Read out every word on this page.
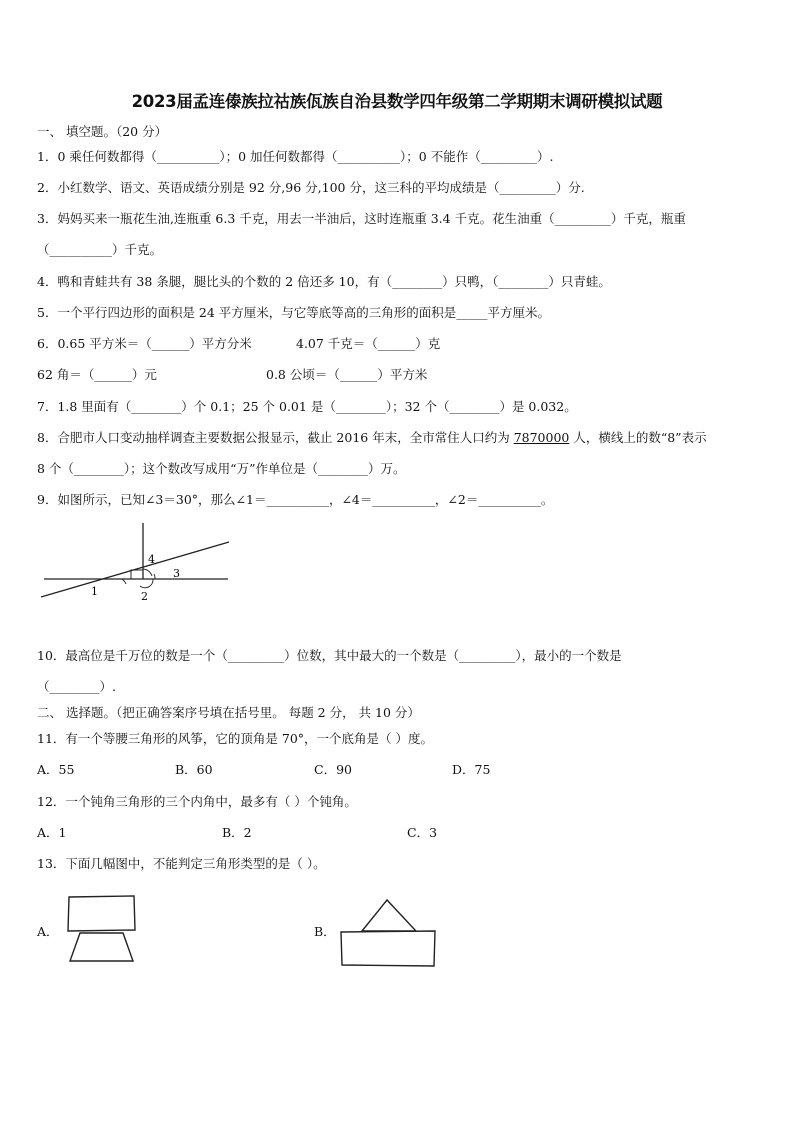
2023届孟连傣族拉祜族佤族自治县数学四年级第二学期期末调研模拟试题
一、 填空题。（20 分）
1．0 乘任何数都得（__________）；0 加任何数都得（__________）；0 不能作（_________）.
2．小红数学、语文、英语成绩分别是 92 分,96 分,100 分，这三科的平均成绩是（_________）分.
3．妈妈买来一瓶花生油,连瓶重 6.3 千克，用去一半油后，这时连瓶重 3.4 千克。花生油重（_________）千克，瓶重
（__________）千克。
4．鸭和青蛙共有 38 条腿，腿比头的个数的 2 倍还多 10，有（________）只鸭，（________）只青蛙。
5．一个平行四边形的面积是 24 平方厘米，与它等底等高的三角形的面积是_____平方厘米。
6．0.65 平方米＝（______）平方分米	4.07 千克＝（______）克
62 角＝（______）元	0.8 公顷＝（______）平方米
7．1.8 里面有（________）个 0.1；25 个 0.01 是（________）；32 个（________）是 0.032。
8．合肥市人口变动抽样调查主要数据公报显示，截止 2016 年末，全市常住人口约为 7870000 人，横线上的数“8”表示
8 个（________）；这个数改写成用“万”作单位是（________）万。
9．如图所示，已知∠3＝30°，那么∠1＝__________，∠4＝__________，∠2＝__________。
4
3
2
1
10．最高位是千万位的数是一个（_________）位数，其中最大的一个数是（_________），最小的一个数是
（________）.
二、 选择题。（把正确答案序号填在括号里。 每题 2 分， 共 10 分）
11．有一个等腰三角形的风筝，它的顶角是 70°，一个底角是（ ）度。
A．55	B．60	C．90	D．75
12．一个钝角三角形的三个内角中，最多有（ ）个钝角。
A．1	B．2	C．3
13．下面几幅图中，不能判定三角形类型的是（ ）。
A．	B．
